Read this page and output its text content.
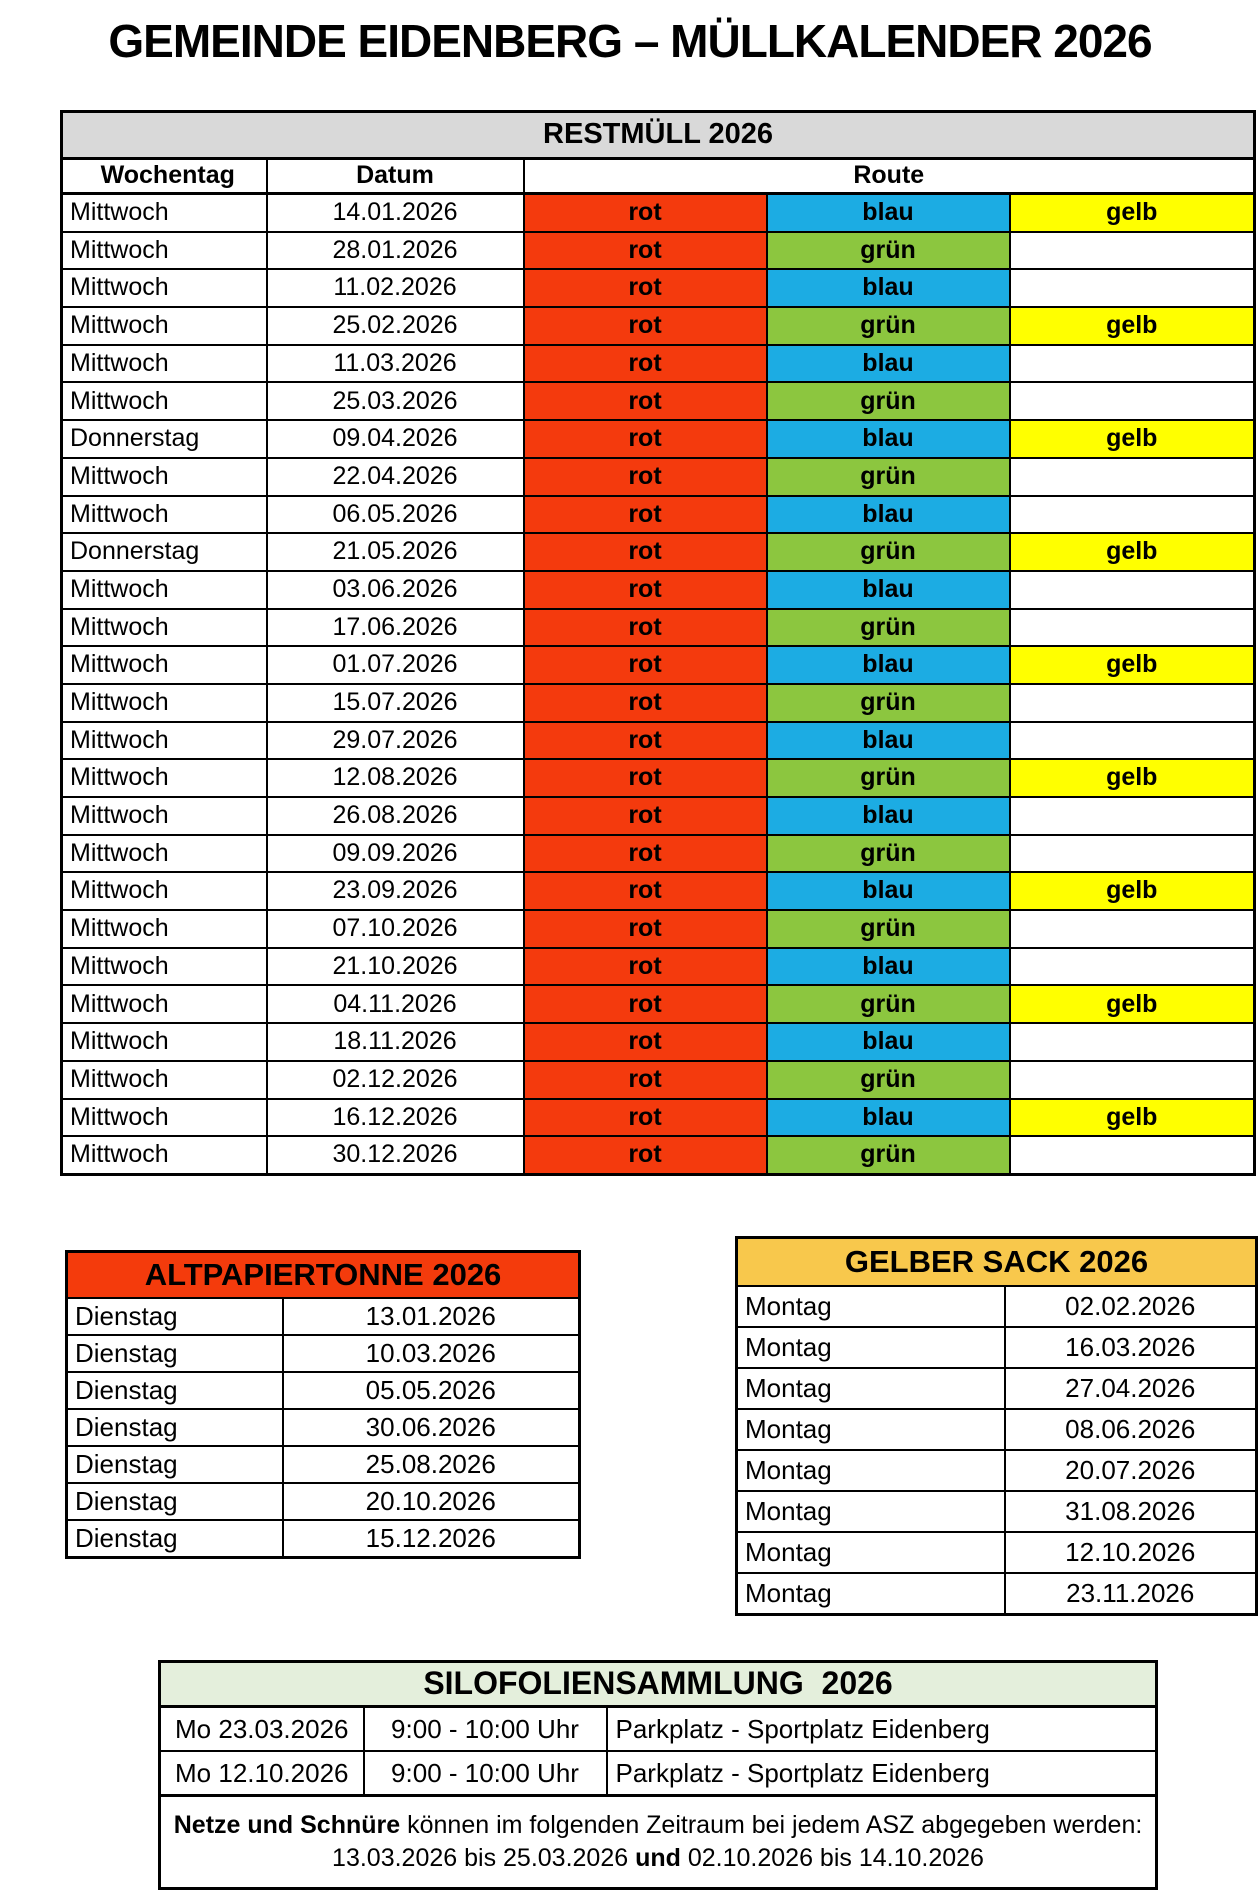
GEMEINDE EIDENBERG – MÜLLKALENDER 2026
RESTMÜLL 2026				
Wochentag	Datum	Route		
Mittwoch	14.01.2026	rot	blau	gelb
Mittwoch	28.01.2026	rot	grün	
Mittwoch	11.02.2026	rot	blau	
Mittwoch	25.02.2026	rot	grün	gelb
Mittwoch	11.03.2026	rot	blau	
Mittwoch	25.03.2026	rot	grün	
Donnerstag	09.04.2026	rot	blau	gelb
Mittwoch	22.04.2026	rot	grün	
Mittwoch	06.05.2026	rot	blau	
Donnerstag	21.05.2026	rot	grün	gelb
Mittwoch	03.06.2026	rot	blau	
Mittwoch	17.06.2026	rot	grün	
Mittwoch	01.07.2026	rot	blau	gelb
Mittwoch	15.07.2026	rot	grün	
Mittwoch	29.07.2026	rot	blau	
Mittwoch	12.08.2026	rot	grün	gelb
Mittwoch	26.08.2026	rot	blau	
Mittwoch	09.09.2026	rot	grün	
Mittwoch	23.09.2026	rot	blau	gelb
Mittwoch	07.10.2026	rot	grün	
Mittwoch	21.10.2026	rot	blau	
Mittwoch	04.11.2026	rot	grün	gelb
Mittwoch	18.11.2026	rot	blau	
Mittwoch	02.12.2026	rot	grün	
Mittwoch	16.12.2026	rot	blau	gelb
Mittwoch	30.12.2026	rot	grün	
ALTPAPIERTONNE 2026	
Dienstag	13.01.2026
Dienstag	10.03.2026
Dienstag	05.05.2026
Dienstag	30.06.2026
Dienstag	25.08.2026
Dienstag	20.10.2026
Dienstag	15.12.2026
GELBER SACK 2026	
Montag	02.02.2026
Montag	16.03.2026
Montag	27.04.2026
Montag	08.06.2026
Montag	20.07.2026
Montag	31.08.2026
Montag	12.10.2026
Montag	23.11.2026
SILOFOLIENSAMMLUNG  2026		
Mo 23.03.2026	9:00 - 10:00 Uhr	Parkplatz - Sportplatz Eidenberg
Mo 12.10.2026	9:00 - 10:00 Uhr	Parkplatz - Sportplatz Eidenberg

Netze und Schnüre können im folgenden Zeitraum bei jedem ASZ abgegeben werden:
13.03.2026 bis 25.03.2026 und 02.10.2026 bis 14.10.2026		
